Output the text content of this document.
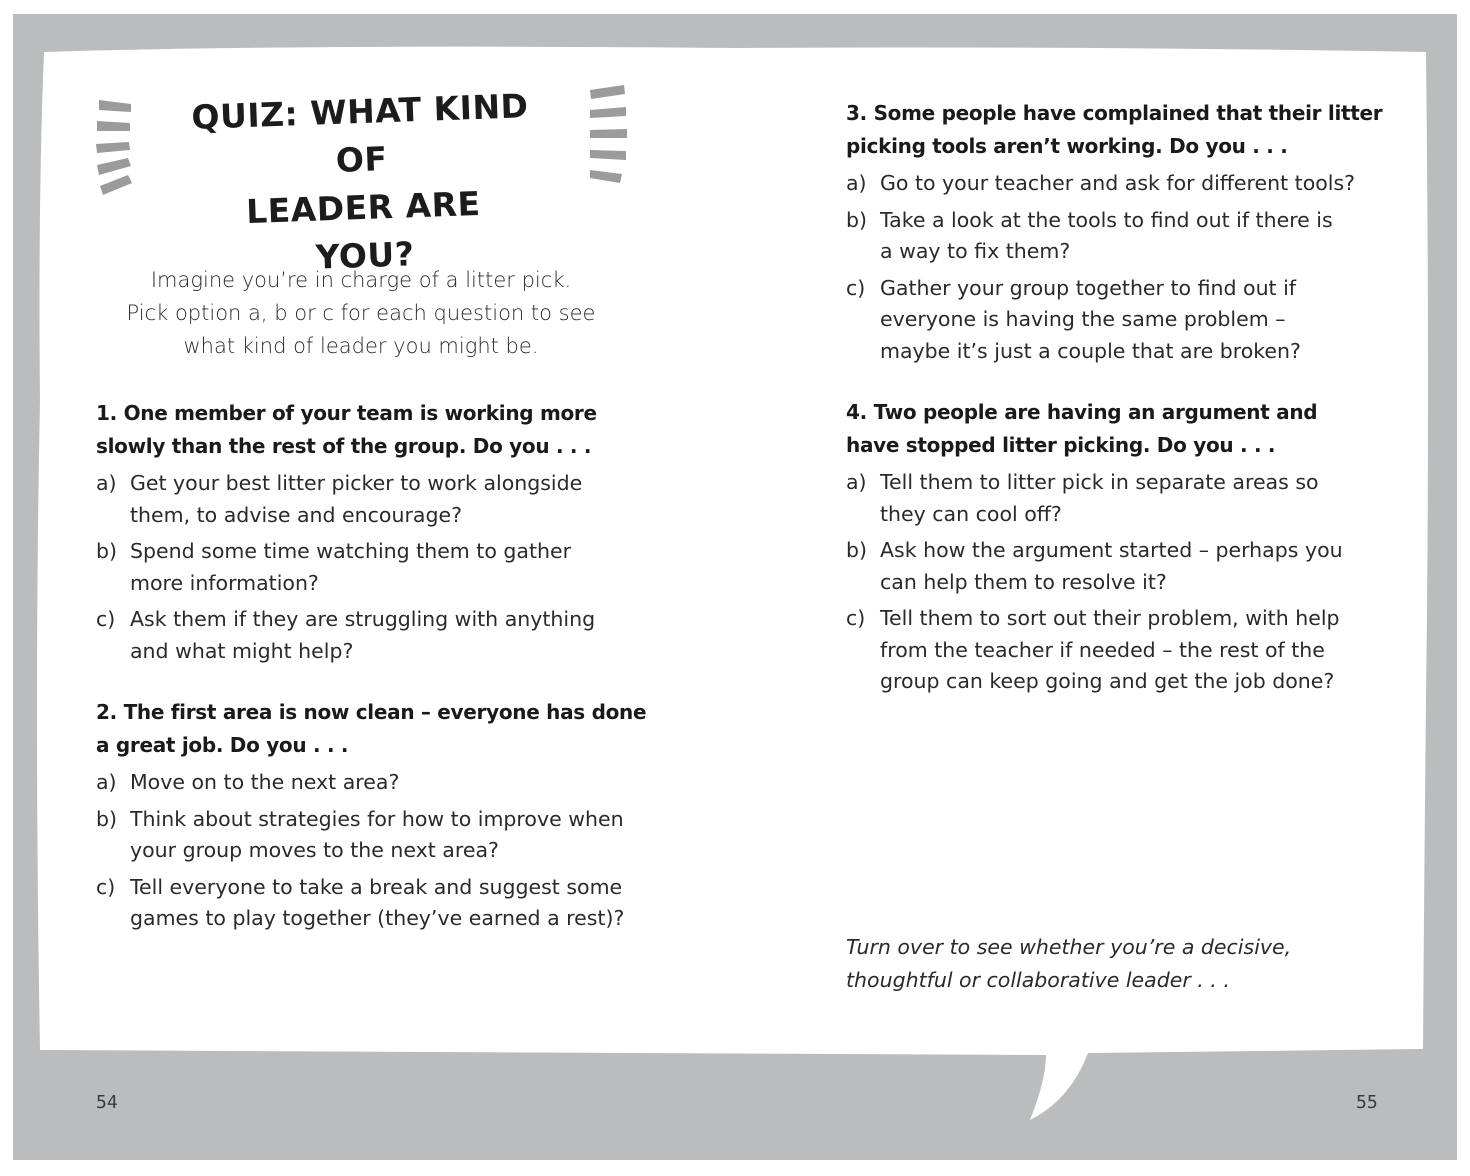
QUIZ: WHAT KIND OF
LEADER ARE YOU?
Imagine you’re in charge of a litter pick.
Pick option a, b or c for each question to see
what kind of leader you might be.
1. One member of your team is working more
slowly than the rest of the group. Do you . . .
a) Get your best litter picker to work alongside
them, to advise and encourage?
b) Spend some time watching them to gather
more information?
c) Ask them if they are struggling with anything
and what might help?
2. The first area is now clean – everyone has done
a great job. Do you . . .
a) Move on to the next area?
b) Think about strategies for how to improve when
your group moves to the next area?
c) Tell everyone to take a break and suggest some
games to play together (they’ve earned a rest)?
3. Some people have complained that their litter
picking tools aren’t working. Do you . . .
a) Go to your teacher and ask for different tools?
b) Take a look at the tools to find out if there is
a way to fix them?
c) Gather your group together to find out if
everyone is having the same problem –
maybe it’s just a couple that are broken?
4. Two people are having an argument and
have stopped litter picking. Do you . . .
a) Tell them to litter pick in separate areas so
they can cool off?
b) Ask how the argument started – perhaps you
can help them to resolve it?
c) Tell them to sort out their problem, with help
from the teacher if needed – the rest of the
group can keep going and get the job done?
Turn over to see whether you’re a decisive,
thoughtful or collaborative leader . . .
54	55
